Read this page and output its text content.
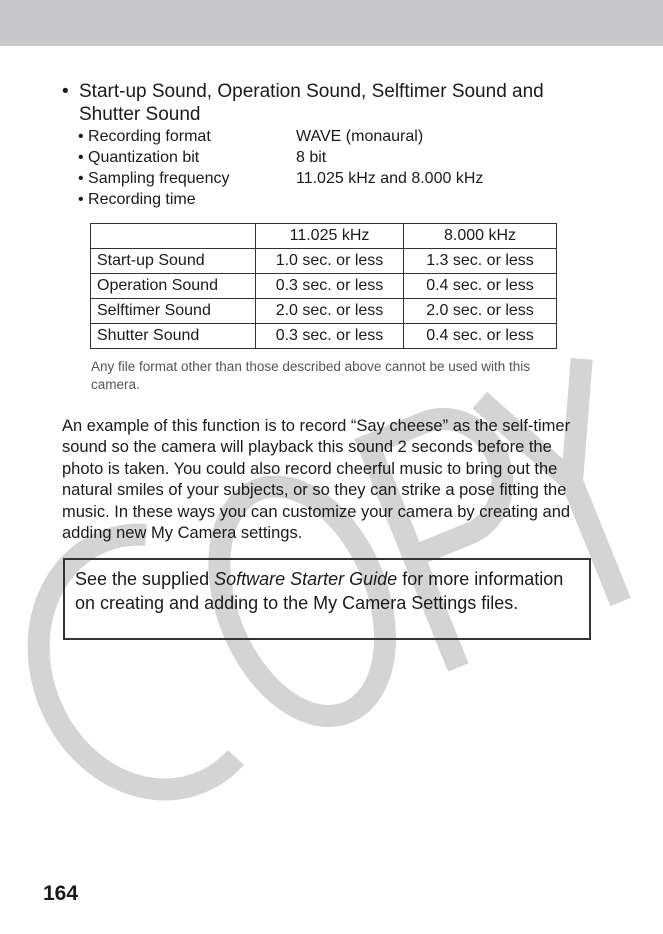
• Start-up Sound, Operation Sound, Selftimer Sound and Shutter Sound
• Recording format	WAVE (monaural)
• Quantization bit	8 bit
• Sampling frequency	11.025 kHz and 8.000 kHz
• Recording time
	11.025 kHz	8.000 kHz
Start-up Sound	1.0 sec. or less	1.3 sec. or less
Operation Sound	0.3 sec. or less	0.4 sec. or less
Selftimer Sound	2.0 sec. or less	2.0 sec. or less
Shutter Sound	0.3 sec. or less	0.4 sec. or less
Any file format other than those described above cannot be used with this camera.
An example of this function is to record “Say cheese” as the self-timer sound so the camera will playback this sound 2 seconds before the photo is taken. You could also record cheerful music to bring out the natural smiles of your subjects, or so they can strike a pose fitting the music. In these ways you can customize your camera by creating and adding new My Camera settings.
See the supplied Software Starter Guide for more information on creating and adding to the My Camera Settings files.
164
